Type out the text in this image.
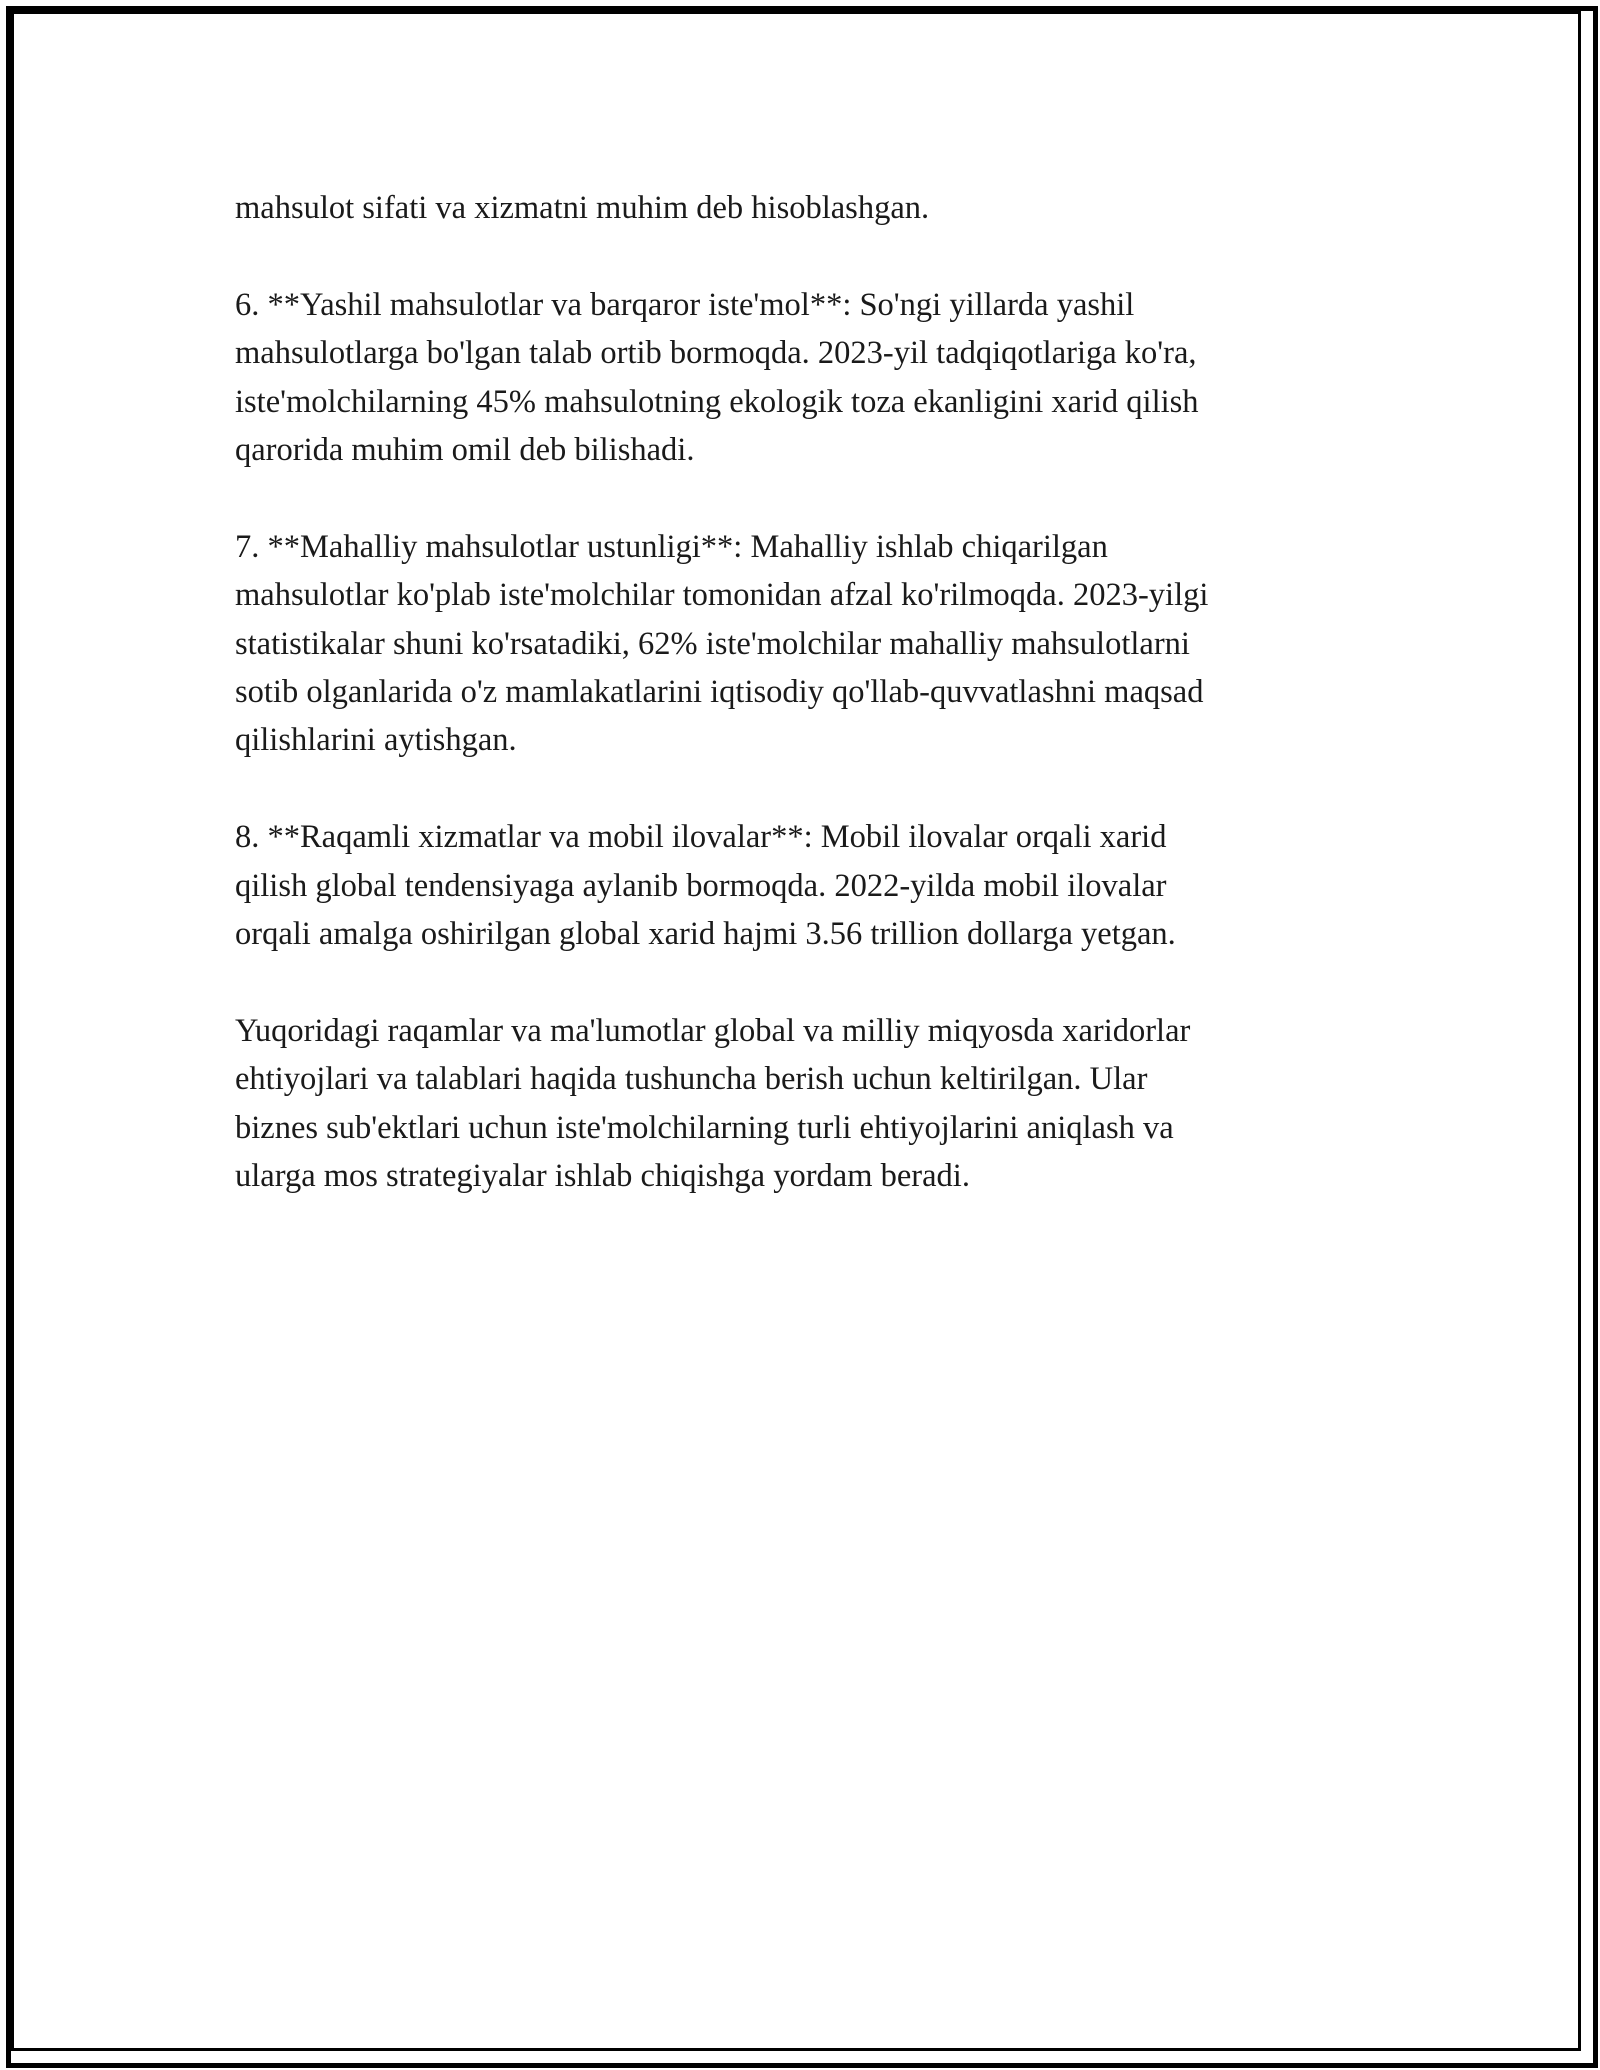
mahsulot sifati va xizmatni muhim deb hisoblashgan.

6. **Yashil mahsulotlar va barqaror iste'mol**: So'ngi yillarda yashil
mahsulotlarga bo'lgan talab ortib bormoqda. 2023-yil tadqiqotlariga ko'ra,
iste'molchilarning 45% mahsulotning ekologik toza ekanligini xarid qilish
qarorida muhim omil deb bilishadi.

7. **Mahalliy mahsulotlar ustunligi**: Mahalliy ishlab chiqarilgan
mahsulotlar ko'plab iste'molchilar tomonidan afzal ko'rilmoqda. 2023-yilgi
statistikalar shuni ko'rsatadiki, 62% iste'molchilar mahalliy mahsulotlarni
sotib olganlarida o'z mamlakatlarini iqtisodiy qo'llab-quvvatlashni maqsad
qilishlarini aytishgan.

8. **Raqamli xizmatlar va mobil ilovalar**: Mobil ilovalar orqali xarid
qilish global tendensiyaga aylanib bormoqda. 2022-yilda mobil ilovalar
orqali amalga oshirilgan global xarid hajmi 3.56 trillion dollarga yetgan.

Yuqoridagi raqamlar va ma'lumotlar global va milliy miqyosda xaridorlar
ehtiyojlari va talablari haqida tushuncha berish uchun keltirilgan. Ular
biznes sub'ektlari uchun iste'molchilarning turli ehtiyojlarini aniqlash va
ularga mos strategiyalar ishlab chiqishga yordam beradi.
